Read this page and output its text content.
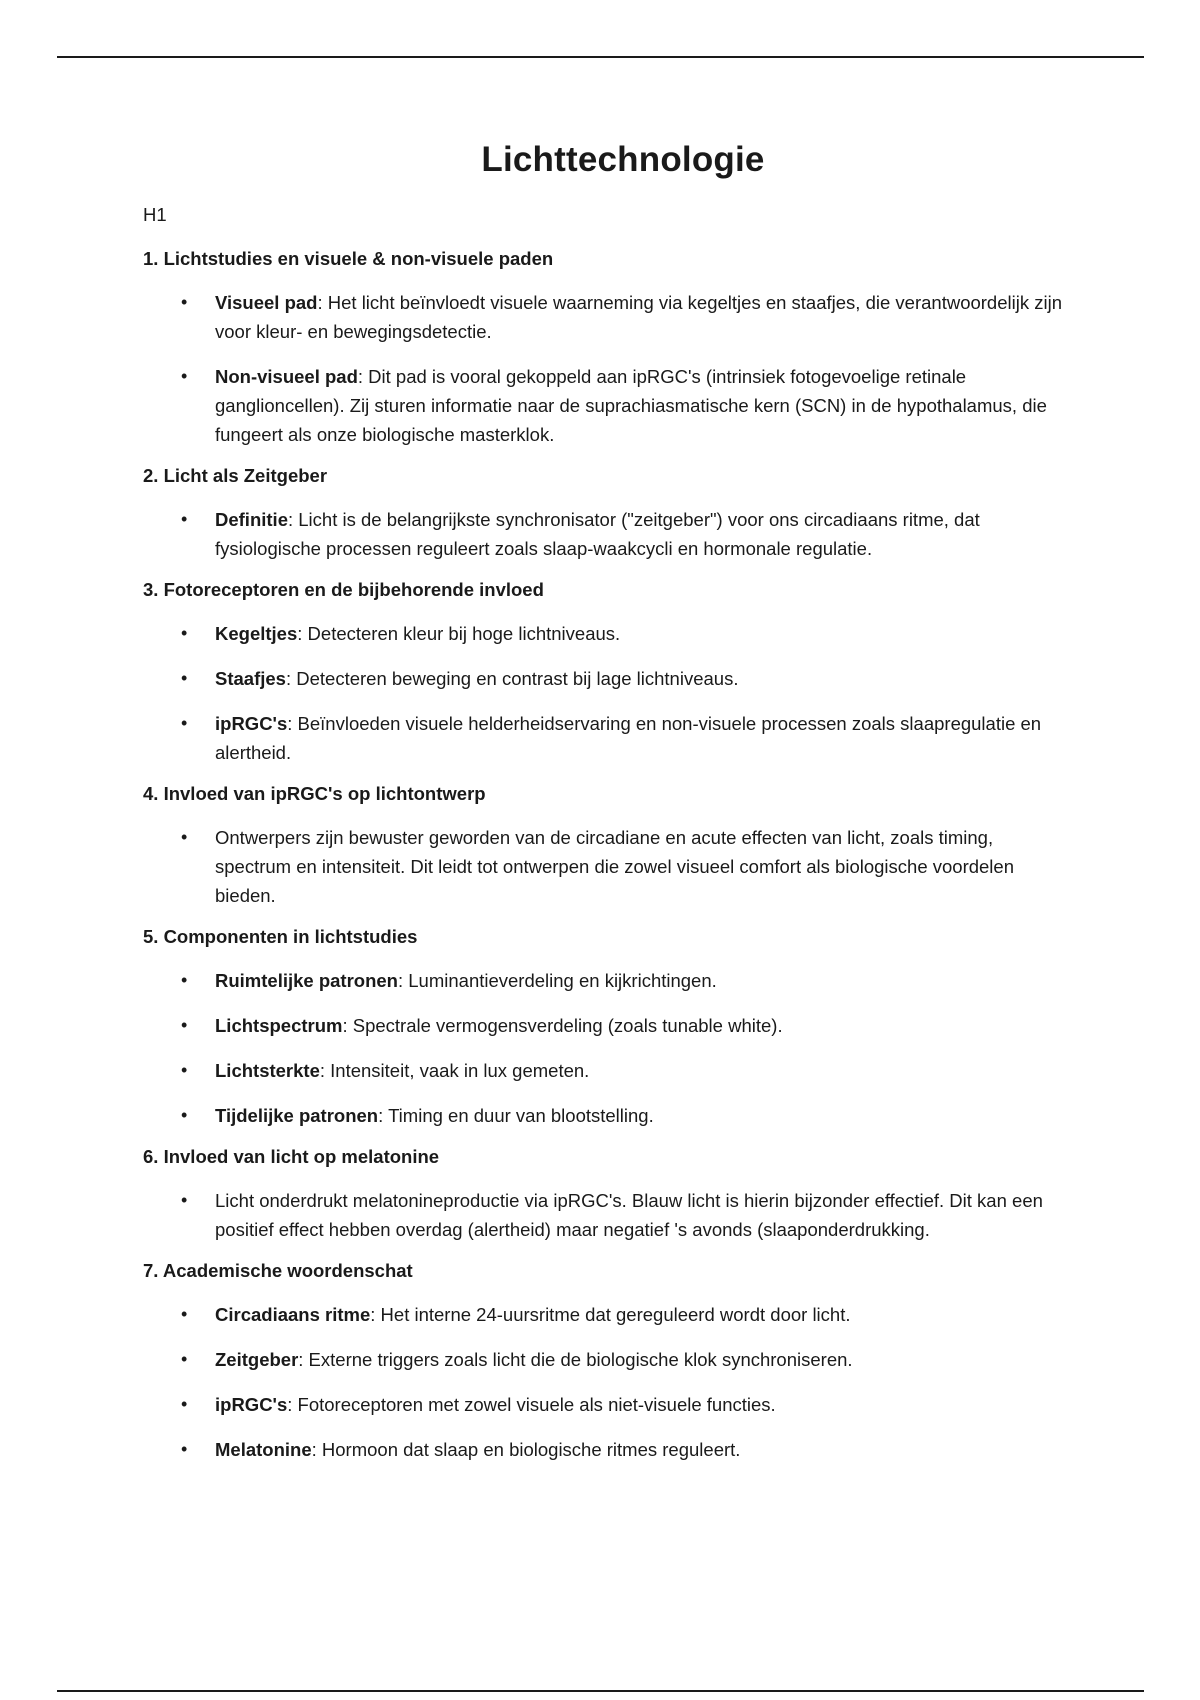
Lichttechnologie
H1
1. Lichtstudies en visuele & non-visuele paden
• Visueel pad: Het licht beïnvloedt visuele waarneming via kegeltjes en staafjes, die verantwoordelijk zijn voor kleur- en bewegingsdetectie.
• Non-visueel pad: Dit pad is vooral gekoppeld aan ipRGC's (intrinsiek fotogevoelige retinale ganglioncellen). Zij sturen informatie naar de suprachiasmatische kern (SCN) in de hypothalamus, die fungeert als onze biologische masterklok.
2. Licht als Zeitgeber
• Definitie: Licht is de belangrijkste synchronisator ("zeitgeber") voor ons circadiaans ritme, dat fysiologische processen reguleert zoals slaap-waakcycli en hormonale regulatie.
3. Fotoreceptoren en de bijbehorende invloed
• Kegeltjes: Detecteren kleur bij hoge lichtniveaus.
• Staafjes: Detecteren beweging en contrast bij lage lichtniveaus.
• ipRGC's: Beïnvloeden visuele helderheidservaring en non-visuele processen zoals slaapregulatie en alertheid.
4. Invloed van ipRGC's op lichtontwerp
• Ontwerpers zijn bewuster geworden van de circadiane en acute effecten van licht, zoals timing, spectrum en intensiteit. Dit leidt tot ontwerpen die zowel visueel comfort als biologische voordelen bieden.
5. Componenten in lichtstudies
• Ruimtelijke patronen: Luminantieverdeling en kijkrichtingen.
• Lichtspectrum: Spectrale vermogensverdeling (zoals tunable white).
• Lichtsterkte: Intensiteit, vaak in lux gemeten.
• Tijdelijke patronen: Timing en duur van blootstelling.
6. Invloed van licht op melatonine
• Licht onderdrukt melatonineproductie via ipRGC's. Blauw licht is hierin bijzonder effectief. Dit kan een positief effect hebben overdag (alertheid) maar negatief 's avonds (slaaponderdrukking.
7. Academische woordenschat
• Circadiaans ritme: Het interne 24-uursritme dat gereguleerd wordt door licht.
• Zeitgeber: Externe triggers zoals licht die de biologische klok synchroniseren.
• ipRGC's: Fotoreceptoren met zowel visuele als niet-visuele functies.
• Melatonine: Hormoon dat slaap en biologische ritmes reguleert.
